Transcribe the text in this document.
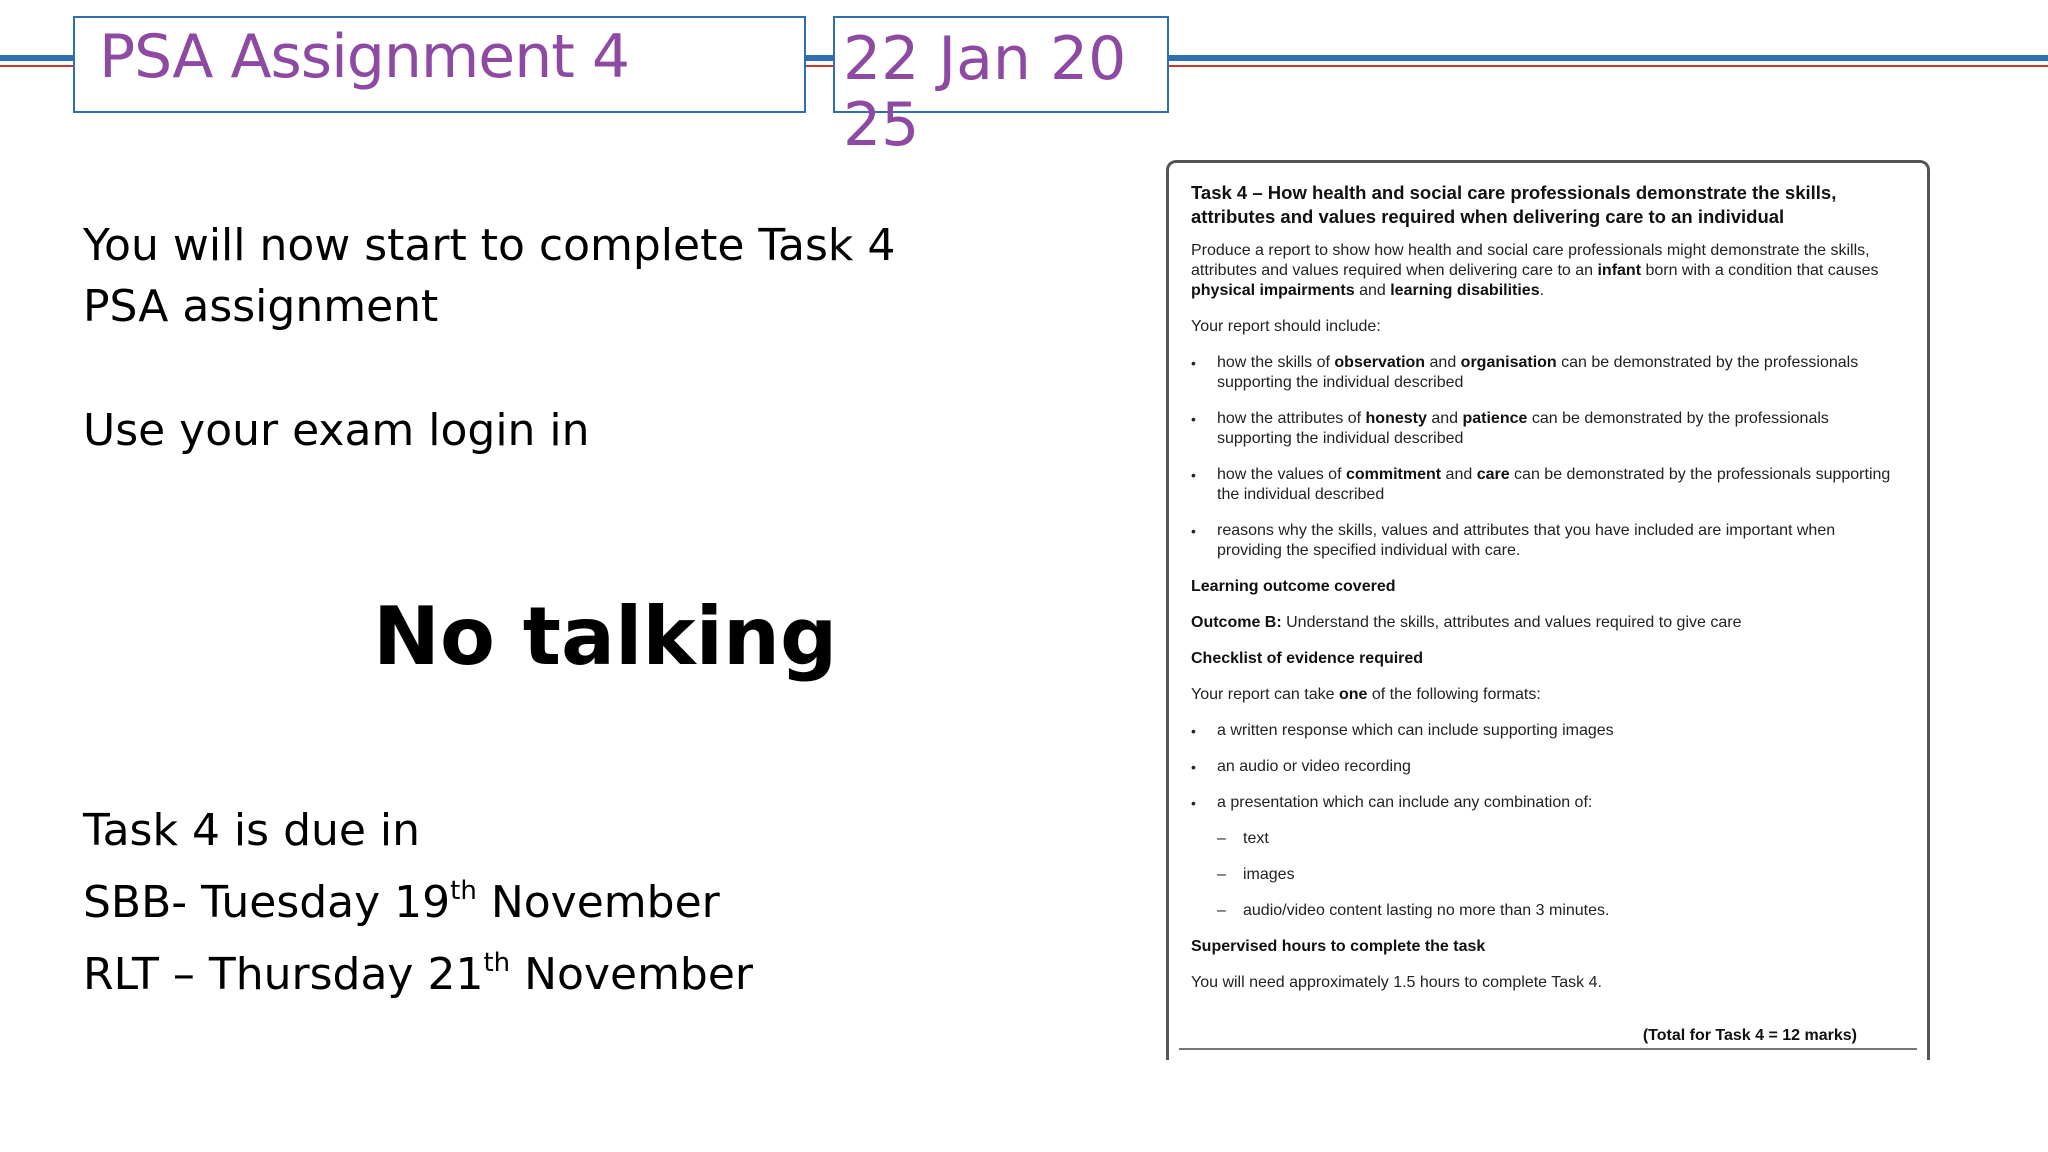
PSA Assignment 4	22 Jan 2025
You will now start to complete Task 4 PSA assignment
Use your exam login in
No talking
Task 4 is due in
SBB- Tuesday 19th November
RLT – Thursday 21th November
Task 4 – How health and social care professionals demonstrate the skills, attributes and values required when delivering care to an individual

Produce a report to show how health and social care professionals might demonstrate the skills, attributes and values required when delivering care to an infant born with a condition that causes physical impairments and learning disabilities.

Your report should include:

• how the skills of observation and organisation can be demonstrated by the professionals supporting the individual described
• how the attributes of honesty and patience can be demonstrated by the professionals supporting the individual described
• how the values of commitment and care can be demonstrated by the professionals supporting the individual described
• reasons why the skills, values and attributes that you have included are important when providing the specified individual with care.

Learning outcome covered

Outcome B: Understand the skills, attributes and values required to give care

Checklist of evidence required

Your report can take one of the following formats:

• a written response which can include supporting images
• an audio or video recording
• a presentation which can include any combination of:
– text
– images
– audio/video content lasting no more than 3 minutes.

Supervised hours to complete the task

You will need approximately 1.5 hours to complete Task 4.

(Total for Task 4 = 12 marks)
